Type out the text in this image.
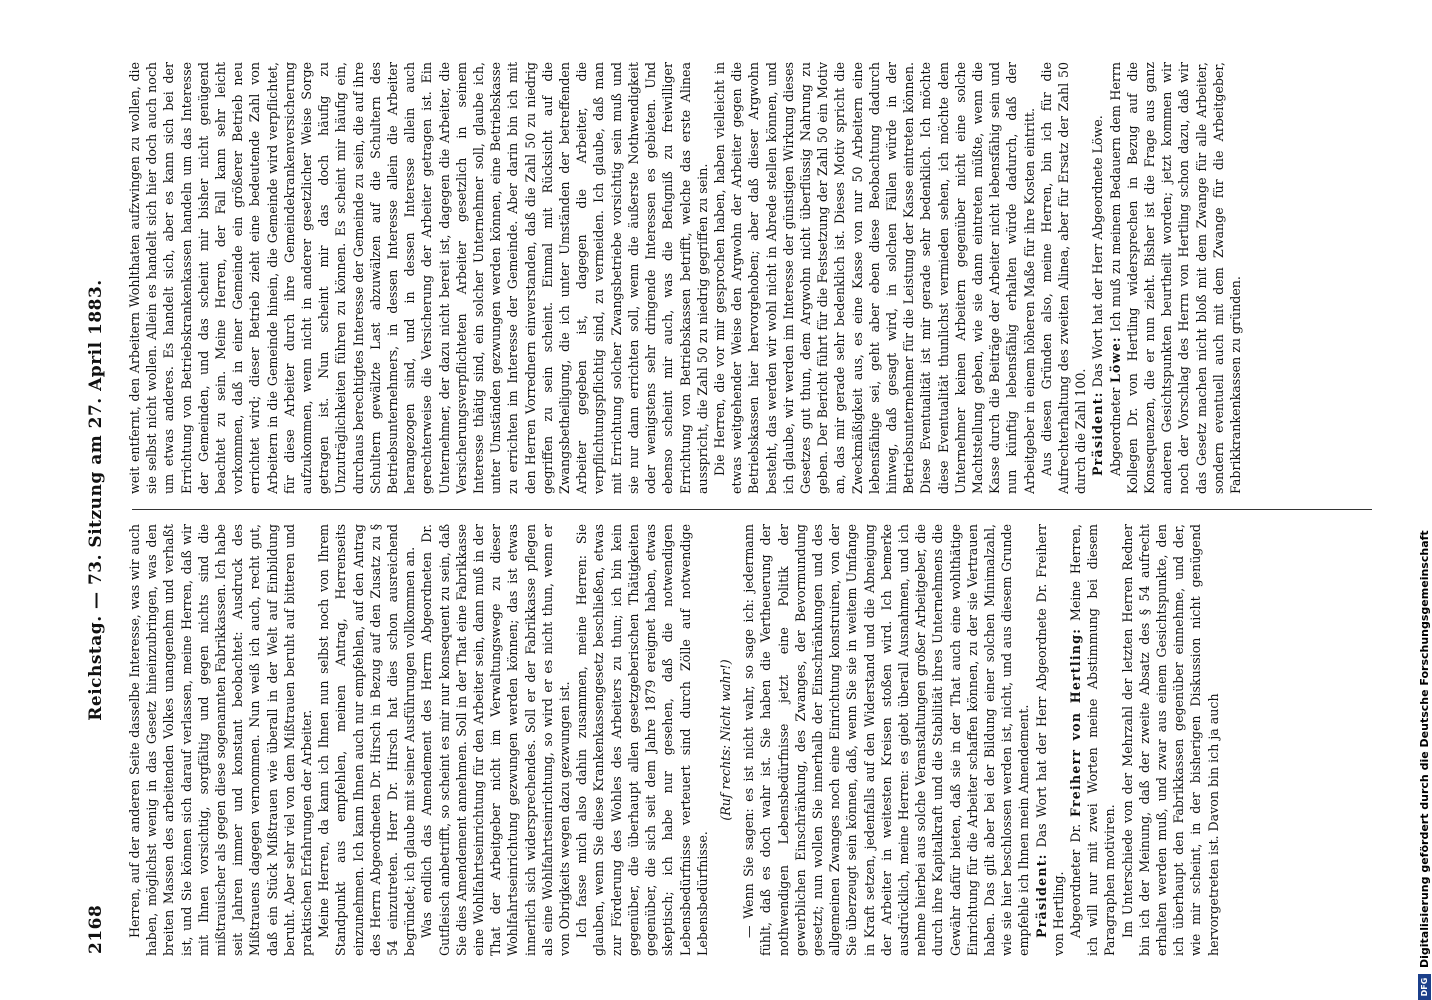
2168
Reichstag. — 73. Sitzung am 27. April 1883.

Herren, auf der anderen Seite dasselbe Interesse, was wir auch haben, möglichst wenig in das Gesetz hineinzubringen, was den breiten Massen des arbeitenden Volkes unangenehm und verhaßt ist, und Sie können sich darauf verlassen, meine Herren, daß wir mit Ihnen vorsichtig, sorgfältig und gegen nichts sind die mißtrauischer als gegen diese sogenannten Fabrikkassen. Ich habe seit Jahren immer und konstant beobachtet: Ausdruck des Mißtrauens dagegen vernommen. Nun weiß ich auch, recht gut, daß ein Stück Mißtrauen wie überall in der Welt auf Einbildung beruht. Aber sehr viel von dem Mißtrauen beruht auf bitteren und praktischen Erfahrungen der Arbeiter. Meine Herren, da kann ich Ihnen nun selbst noch von Ihrem Standpunkt aus empfehlen, meinen Antrag, Herrenseits einzunehmen. Ich kann Ihnen auch nur empfehlen, auf den Antrag des Herrn Abgeordneten Dr. Hirsch in Bezug auf den Zusatz zu § 54 einzutreten. Herr Dr. Hirsch hat dies schon ausreichend begründet; ich glaube mit seiner Ausführungen vollkommen an. Was endlich das Amendement des Herrn Abgeordneten Dr. Gutfleisch anbetrifft, so scheint es mir nur konsequent zu sein, daß Sie dies Amendement annehmen. Soll in der That eine Fabrikkasse eine Wohlfahrtseinrichtung für den Arbeiter sein, dann muß in der That der Arbeitgeber nicht im Verwaltungswege zu dieser Wohlfahrtseinrichtung gezwungen werden können; das ist etwas innerlich sich widersprechendes. Soll er der Fabrikkasse pflegen als eine Wohlfahrtseinrichtung, so wird er es nicht thun, wenn er von Obrigkeits wegen dazu gezwungen ist. Ich fasse mich also dahin zusammen, meine Herren: Sie glauben, wenn Sie diese Krankenkassengesetz beschließen, etwas zur Förderung des Wohles des Arbeiters zu thun; ich bin kein gegenüber, die überhaupt allen gesetzgeberischen Thätigkeiten gegenüber, die sich seit dem Jahre 1879 ereignet haben, etwas skeptisch; ich habe nur gesehen, daß die notwendigen Lebensbedürfnisse verteuert sind durch Zölle auf notwendige Lebensbedürfnisse.

(Ruf rechts: Nicht wahr!) — Wenn Sie sagen: es ist nicht wahr, so sage ich: jedermann fühlt, daß es doch wahr ist. Sie haben die Vertheuerung der nothwendigen Lebensbedürfnisse jetzt eine Politik der gewerblichen Einschränkung, des Zwanges, der Bevormundung gesetzt; nun wollen Sie innerhalb der Einschränkungen und des allgemeinen Zwanges noch eine Einrichtung konstruiren, von der Sie überzeugt sein können, daß, wenn Sie sie in weitem Umfange in Kraft setzen, jedenfalls auf den Widerstand und die Abneigung der Arbeiter in weitesten Kreisen stoßen wird. Ich bemerke ausdrücklich, meine Herren: es giebt überall Ausnahmen, und ich nehme hierbei aus solche Veranstaltungen großer Arbeitgeber, die durch ihre Kapitalkraft und die Stabilität ihres Unternehmens die Gewähr dafür bieten, daß sie in der That auch eine wohlthätige Einrichtung für die Arbeiter schaffen können, zu der sie Vertrauen haben. Das gilt aber bei der Bildung einer solchen Minimalzahl, wie sie hier beschlossen werden ist, nicht, und aus diesem Grunde empfehle ich Ihnen mein Amendement. Präsident: Das Wort hat der Herr Abgeordnete Dr. Freiherr von Hertling. Abgeordneter Dr. Freiherr von Hertling: Meine Herren, ich will nur mit zwei Worten meine Abstimmung bei diesem Paragraphen motiviren. Im Unterschiede von der Mehrzahl der letzten Herren Redner bin ich der Meinung, daß der zweite Absatz des § 54 aufrecht erhalten werden muß, und zwar aus einem Gesichtspunkte, den ich überhaupt den Fabrikkassen gegenüber einnehme, und der, wie mir scheint, in der bisherigen Diskussion nicht genügend hervorgetreten ist. Davon bin ich ja auch

weit entfernt, den Arbeitern Wohlthaten aufzwingen zu wollen, die sie selbst nicht wollen. Allein es handelt sich hier doch auch noch um etwas anderes. Es handelt sich, aber es kann sich bei der Errichtung von Betriebskrankenkassen handeln um das Interesse der Gemeinden, und das scheint mir bisher nicht genügend beachtet zu sein. Meine Herren, der Fall kann sehr leicht vorkommen, daß in einer Gemeinde ein größerer Betrieb neu errichtet wird; dieser Betrieb zieht eine bedeutende Zahl von Arbeitern in die Gemeinde hinein, die Gemeinde wird verpflichtet, für diese Arbeiter durch ihre Gemeindekrankenversicherung aufzukommen, wenn nicht in anderer gesetzlicher Weise Sorge getragen ist. Nun scheint mir das doch häufig zu Unzuträglichkeiten führen zu können. Es scheint mir häufig ein, durchaus berechtigtes Interesse der Gemeinde zu sein, die auf ihre Schultern gewälzte Last abzuwälzen auf die Schultern des Betriebsunternehmers, in dessen Interesse allein die Arbeiter herangezogen sind, und in dessen Interesse allein auch gerechterweise die Versicherung der Arbeiter getragen ist. Ein Unternehmer, der dazu nicht bereit ist, dagegen die Arbeiter, die Versicherungsverpflichteten Arbeiter gesetzlich in seinem Interesse thätig sind, ein solcher Unternehmer soll, glaube ich, unter Umständen gezwungen werden können, eine Betriebskasse zu errichten im Interesse der Gemeinde. Aber darin bin ich mit den Herren Vorrednern einverstanden, daß die Zahl 50 zu niedrig gegriffen zu sein scheint. Einmal mit Rücksicht auf die Zwangsbetheiligung, die ich unter Umständen der betreffenden Arbeiter gegeben ist, dagegen die Arbeiter, die verpflichtungspflichtig sind, zu vermeiden. Ich glaube, daß man mit Errichtung solcher Zwangsbetriebe vorsichtig sein muß und sie nur dann errichten soll, wenn die äußerste Nothwendigkeit oder wenigstens sehr dringende Interessen es gebieten. Und ebenso scheint mir auch, was die Befugniß zu freiwilliger Errichtung von Betriebskassen betrifft, welche das erste Alinea ausspricht, die Zahl 50 zu niedrig gegriffen zu sein. Die Herren, die vor mir gesprochen haben, haben vielleicht in etwas weitgehender Weise den Argwohn der Arbeiter gegen die Betriebskassen hier hervorgehoben; aber daß dieser Argwohn besteht, das werden wir wohl nicht in Abrede stellen können, und ich glaube, wir werden im Interesse der günstigen Wirkung dieses Gesetzes gut thun, dem Argwohn nicht überflüssig Nahrung zu geben. Der Bericht führt für die Festsetzung der Zahl 50 ein Motiv an, das mir gerade sehr bedenklich ist. Dieses Motiv spricht die Zweckmäßigkeit aus, es eine Kasse von nur 50 Arbeitern eine lebensfähige sei, geht aber eben diese Beobachtung dadurch hinweg, daß gesagt wird, in solchen Fällen würde in der Betriebsunternehmer für die Leistung der Kasse eintreten können. Diese Eventualität ist mir gerade sehr bedenklich. Ich möchte diese Eventualität thunlichst vermieden sehen, ich möchte dem Unternehmer keinen Arbeitern gegenüber nicht eine solche Machtstellung geben, wie sie dann eintreten müßte, wenn die Kasse durch die Beiträge der Arbeiter nicht lebensfähig sein und nun künftig lebensfähig erhalten würde dadurch, daß der Arbeitgeber in einem höheren Maße für ihre Kosten eintritt. Aus diesen Gründen also, meine Herren, bin ich für die Aufrechterhaltung des zweiten Alinea, aber für Ersatz der Zahl 50 durch die Zahl 100. Präsident: Das Wort hat der Herr Abgeordnete Löwe.

Abgeordneter Löwe: Ich muß zu meinem Bedauern dem Herrn Kollegen Dr. von Hertling widersprechen in Bezug auf die Konsequenzen, die er nun zieht. Bisher ist die Frage aus ganz anderen Gesichtspunkten beurtheilt worden; jetzt kommen wir noch der Vorschlag des Herrn von Hertling schon dazu, daß wir das Gesetz machen nicht bloß mit dem Zwange für alle Arbeiter, sondern eventuell auch mit dem Zwange für die Arbeitgeber, Fabrikkrankenkassen zu gründen.

DFG
Digitalisierung gefördert durch die Deutsche Forschungsgemeinschaft
